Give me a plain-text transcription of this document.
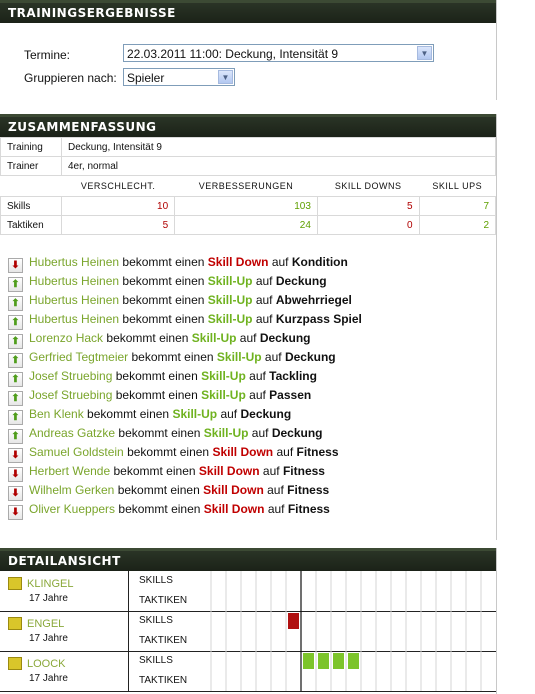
TRAININGSERGEBNISSE
Termine:	22.03.2011 11:00: Deckung, Intensität 9	▼
Gruppieren nach: Spieler	▼
ZUSAMMENFASSUNG
Training	Deckung, Intensität 9			
Trainer	4er, normal			
	VERSCHLECHT.	VERBESSERUNGEN	SKILL DOWNS	SKILL UPS
Skills	10	103	5	7
Taktiken	5	24	0	2
⬇ Hubertus Heinen bekommt einen Skill Down auf Kondition
⬆ Hubertus Heinen bekommt einen Skill-Up auf Deckung
⬆ Hubertus Heinen bekommt einen Skill-Up auf Abwehrriegel
⬆ Hubertus Heinen bekommt einen Skill-Up auf Kurzpass Spiel
⬆ Lorenzo Hack bekommt einen Skill-Up auf Deckung
⬆ Gerfried Tegtmeier bekommt einen Skill-Up auf Deckung
⬆ Josef Struebing bekommt einen Skill-Up auf Tackling
⬆ Josef Struebing bekommt einen Skill-Up auf Passen
⬆ Ben Klenk bekommt einen Skill-Up auf Deckung
⬆ Andreas Gatzke bekommt einen Skill-Up auf Deckung
⬇ Samuel Goldstein bekommt einen Skill Down auf Fitness
⬇ Herbert Wende bekommt einen Skill Down auf Fitness
⬇ Wilhelm Gerken bekommt einen Skill Down auf Fitness
⬇ Oliver Kueppers bekommt einen Skill Down auf Fitness
DETAILANSICHT
KLINGEL
17 Jahre
SKILLS
TAKTIKEN
ENGEL
17 Jahre
SKILLS
TAKTIKEN
LOOCK
17 Jahre
SKILLS
TAKTIKEN
